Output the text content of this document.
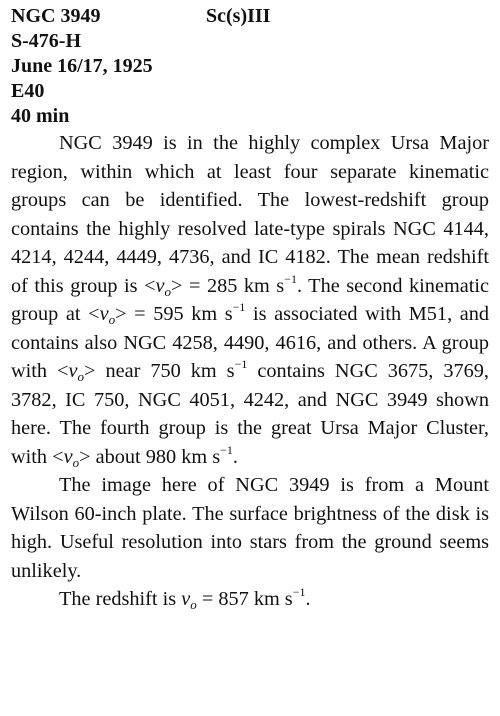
NGC 3949	Sc(s)III
S-476-H
June 16/17, 1925
E40
40 min

NGC 3949 is in the highly complex Ursa Major region, within which at least four separate kinematic groups can be identified. The lowest-redshift group contains the highly resolved late-type spirals NGC 4144, 4214, 4244, 4449, 4736, and IC 4182. The mean redshift of this group is $<v_o> = 285$ km $s^{-1}$. The second kinematic group at $<v_o> = 595$ km $s^{-1}$ is associated with M51, and contains also NGC 4258, 4490, 4616, and others. A group with $<v_o>$ near 750 km $s^{-1}$ contains NGC 3675, 3769, 3782, IC 750, NGC 4051, 4242, and NGC 3949 shown here. The fourth group is the great Ursa Major Cluster, with $<v_o>$ about 980 km $s^{-1}$.

The image here of NGC 3949 is from a Mount Wilson 60-inch plate. The surface brightness of the disk is high. Useful resolution into stars from the ground seems unlikely.

The redshift is $v_o = 857$ km $s^{-1}$.
